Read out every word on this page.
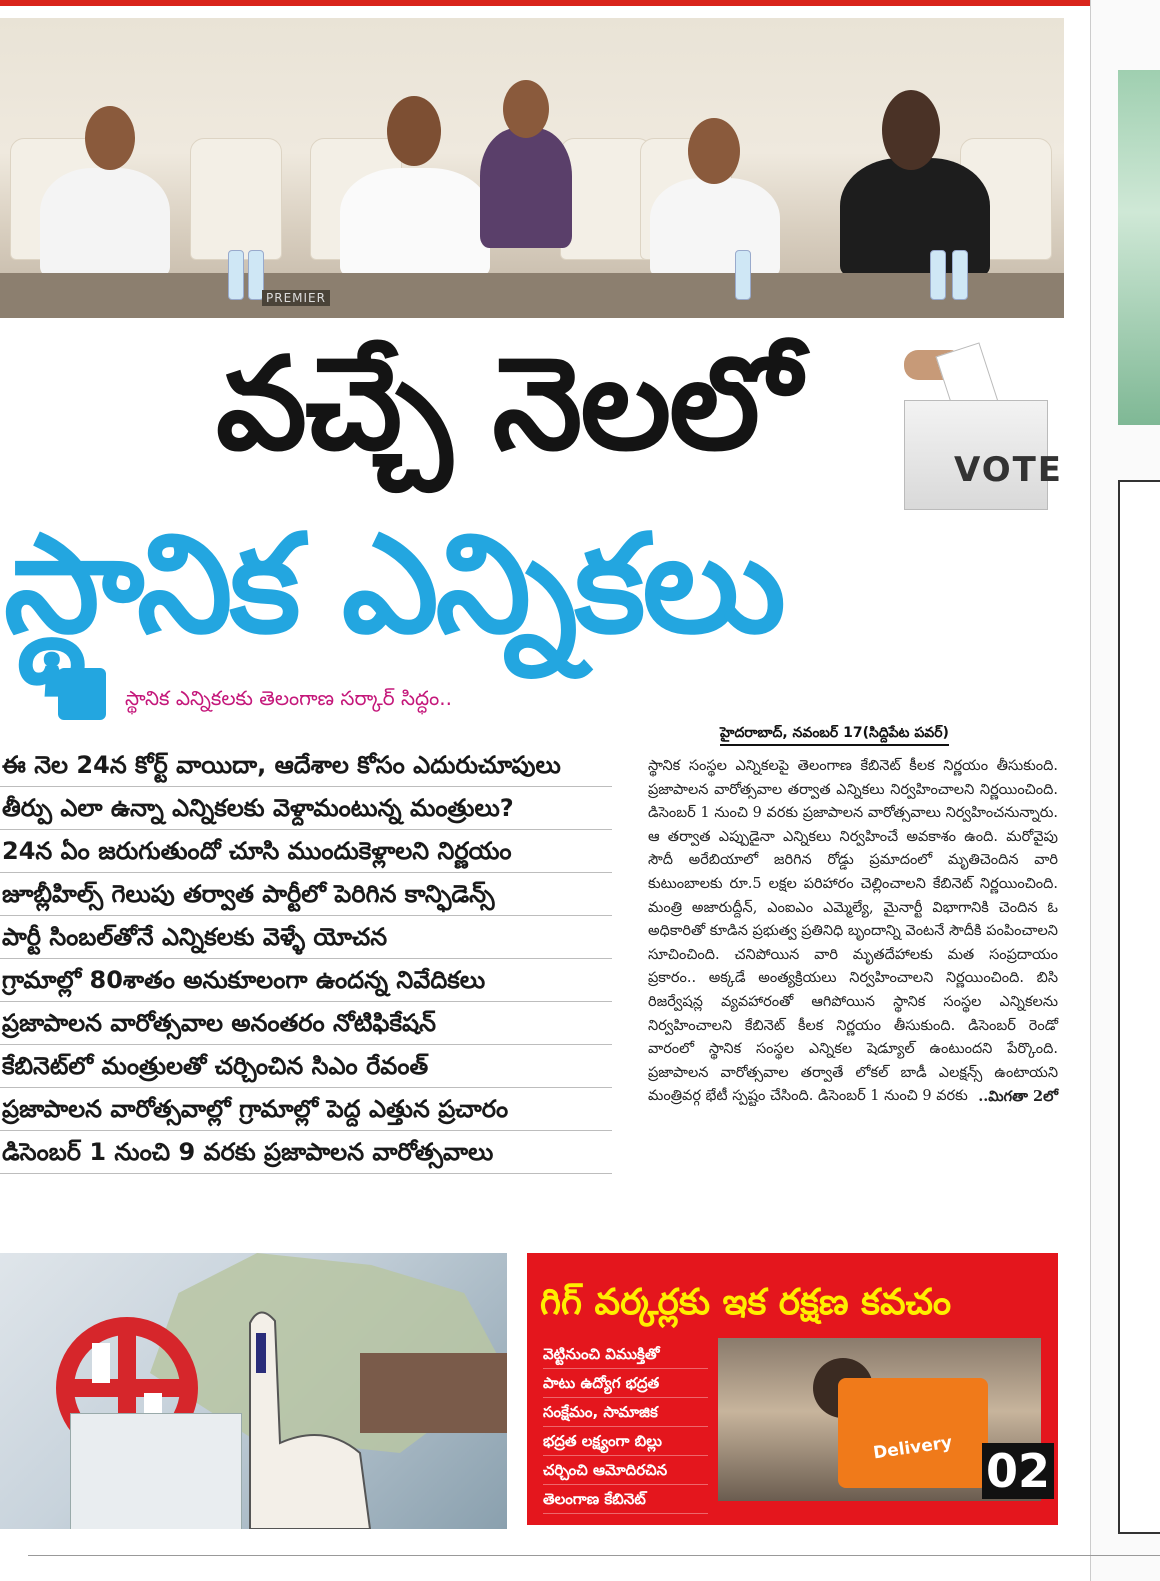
PREMIER
వచ్చే నెలలో	VOTE
స్థానిక ఎన్నికలు
స్థానిక ఎన్నికలకు తెలంగాణ సర్కార్ సిద్ధం..
హైదరాబాద్, నవంబర్ 17(సిద్దిపేట పవర్)
ఈ నెల 24న కోర్ట్ వాయిదా, ఆదేశాల కోసం ఎదురుచూపులు
తీర్పు ఎలా ఉన్నా ఎన్నికలకు వెళ్దామంటున్న మంత్రులు?
24న ఏం జరుగుతుందో చూసి ముందుకెళ్లాలని నిర్ణయం
జూబ్లీహిల్స్ గెలుపు తర్వాత పార్టీలో పెరిగిన కాన్ఫిడెన్స్
పార్టీ సింబల్‌తోనే ఎన్నికలకు వెళ్ళే యోచన
గ్రామాల్లో 80శాతం అనుకూలంగా ఉందన్న నివేదికలు
ప్రజాపాలన వారోత్సవాల అనంతరం నోటిఫికేషన్
కేబినెట్‌లో మంత్రులతో చర్చించిన సిఎం రేవంత్
ప్రజాపాలన వారోత్సవాల్లో గ్రామాల్లో పెద్ద ఎత్తున ప్రచారం
డిసెంబర్ 1 నుంచి 9 వరకు ప్రజాపాలన వారోత్సవాలు
స్థానిక సంస్థల ఎన్నికలపై తెలంగాణ కేబినెట్ కీలక నిర్ణయం తీసుకుంది. ప్రజాపాలన వారోత్సవాల తర్వాత ఎన్నికలు నిర్వహించాలని నిర్ణయించింది. డిసెంబర్ 1 నుంచి 9 వరకు ప్రజాపాలన వారోత్సవాలు నిర్వహించనున్నారు. ఆ తర్వాత ఎప్పుడైనా ఎన్నికలు నిర్వహించే అవకాశం ఉంది. మరోవైపు సౌదీ అరేబియాలో జరిగిన రోడ్డు ప్రమాదంలో మృతిచెందిన వారి కుటుంబాలకు రూ.5 లక్షల పరిహారం చెల్లించాలని కేబినెట్ నిర్ణయించింది. మంత్రి అజారుద్దీన్, ఎంఐఎం ఎమ్మెల్యే, మైనార్టీ విభాగానికి చెందిన ఓ అధికారితో కూడిన ప్రభుత్వ ప్రతినిధి బృందాన్ని వెంటనే సౌదీకి పంపించాలని సూచించింది. చనిపోయిన వారి మృతదేహాలకు మత సంప్రదాయం ప్రకారం.. అక్కడే అంత్యక్రియలు నిర్వహించాలని నిర్ణయించింది. బిసి రిజర్వేషన్ల వ్యవహారంతో ఆగిపోయిన స్థానిక సంస్థల ఎన్నికలను నిర్వహించాలని కేబినెట్ కీలక నిర్ణయం తీసుకుంది. డిసెంబర్ రెండో వారంలో స్థానిక సంస్థల ఎన్నికల షెడ్యూల్ ఉంటుందని పేర్కొంది. ప్రజాపాలన వారోత్సవాల తర్వాతే లోకల్ బాడీ ఎలక్షన్స్ ఉంటాయని మంత్రివర్గ భేటీ స్పష్టం చేసింది. డిసెంబర్ 1 నుంచి 9 వరకు ..మిగతా 2లో
గిగ్ వర్కర్లకు ఇక రక్షణ కవచం
వెట్టినుంచి విముక్తితో
పాటు ఉద్యోగ భద్రత
సంక్షేమం, సామాజిక
భద్రత లక్ష్యంగా బిల్లు
చర్చించి ఆమోదిరచిన
తెలంగాణ కేబినెట్
Delivery 02
